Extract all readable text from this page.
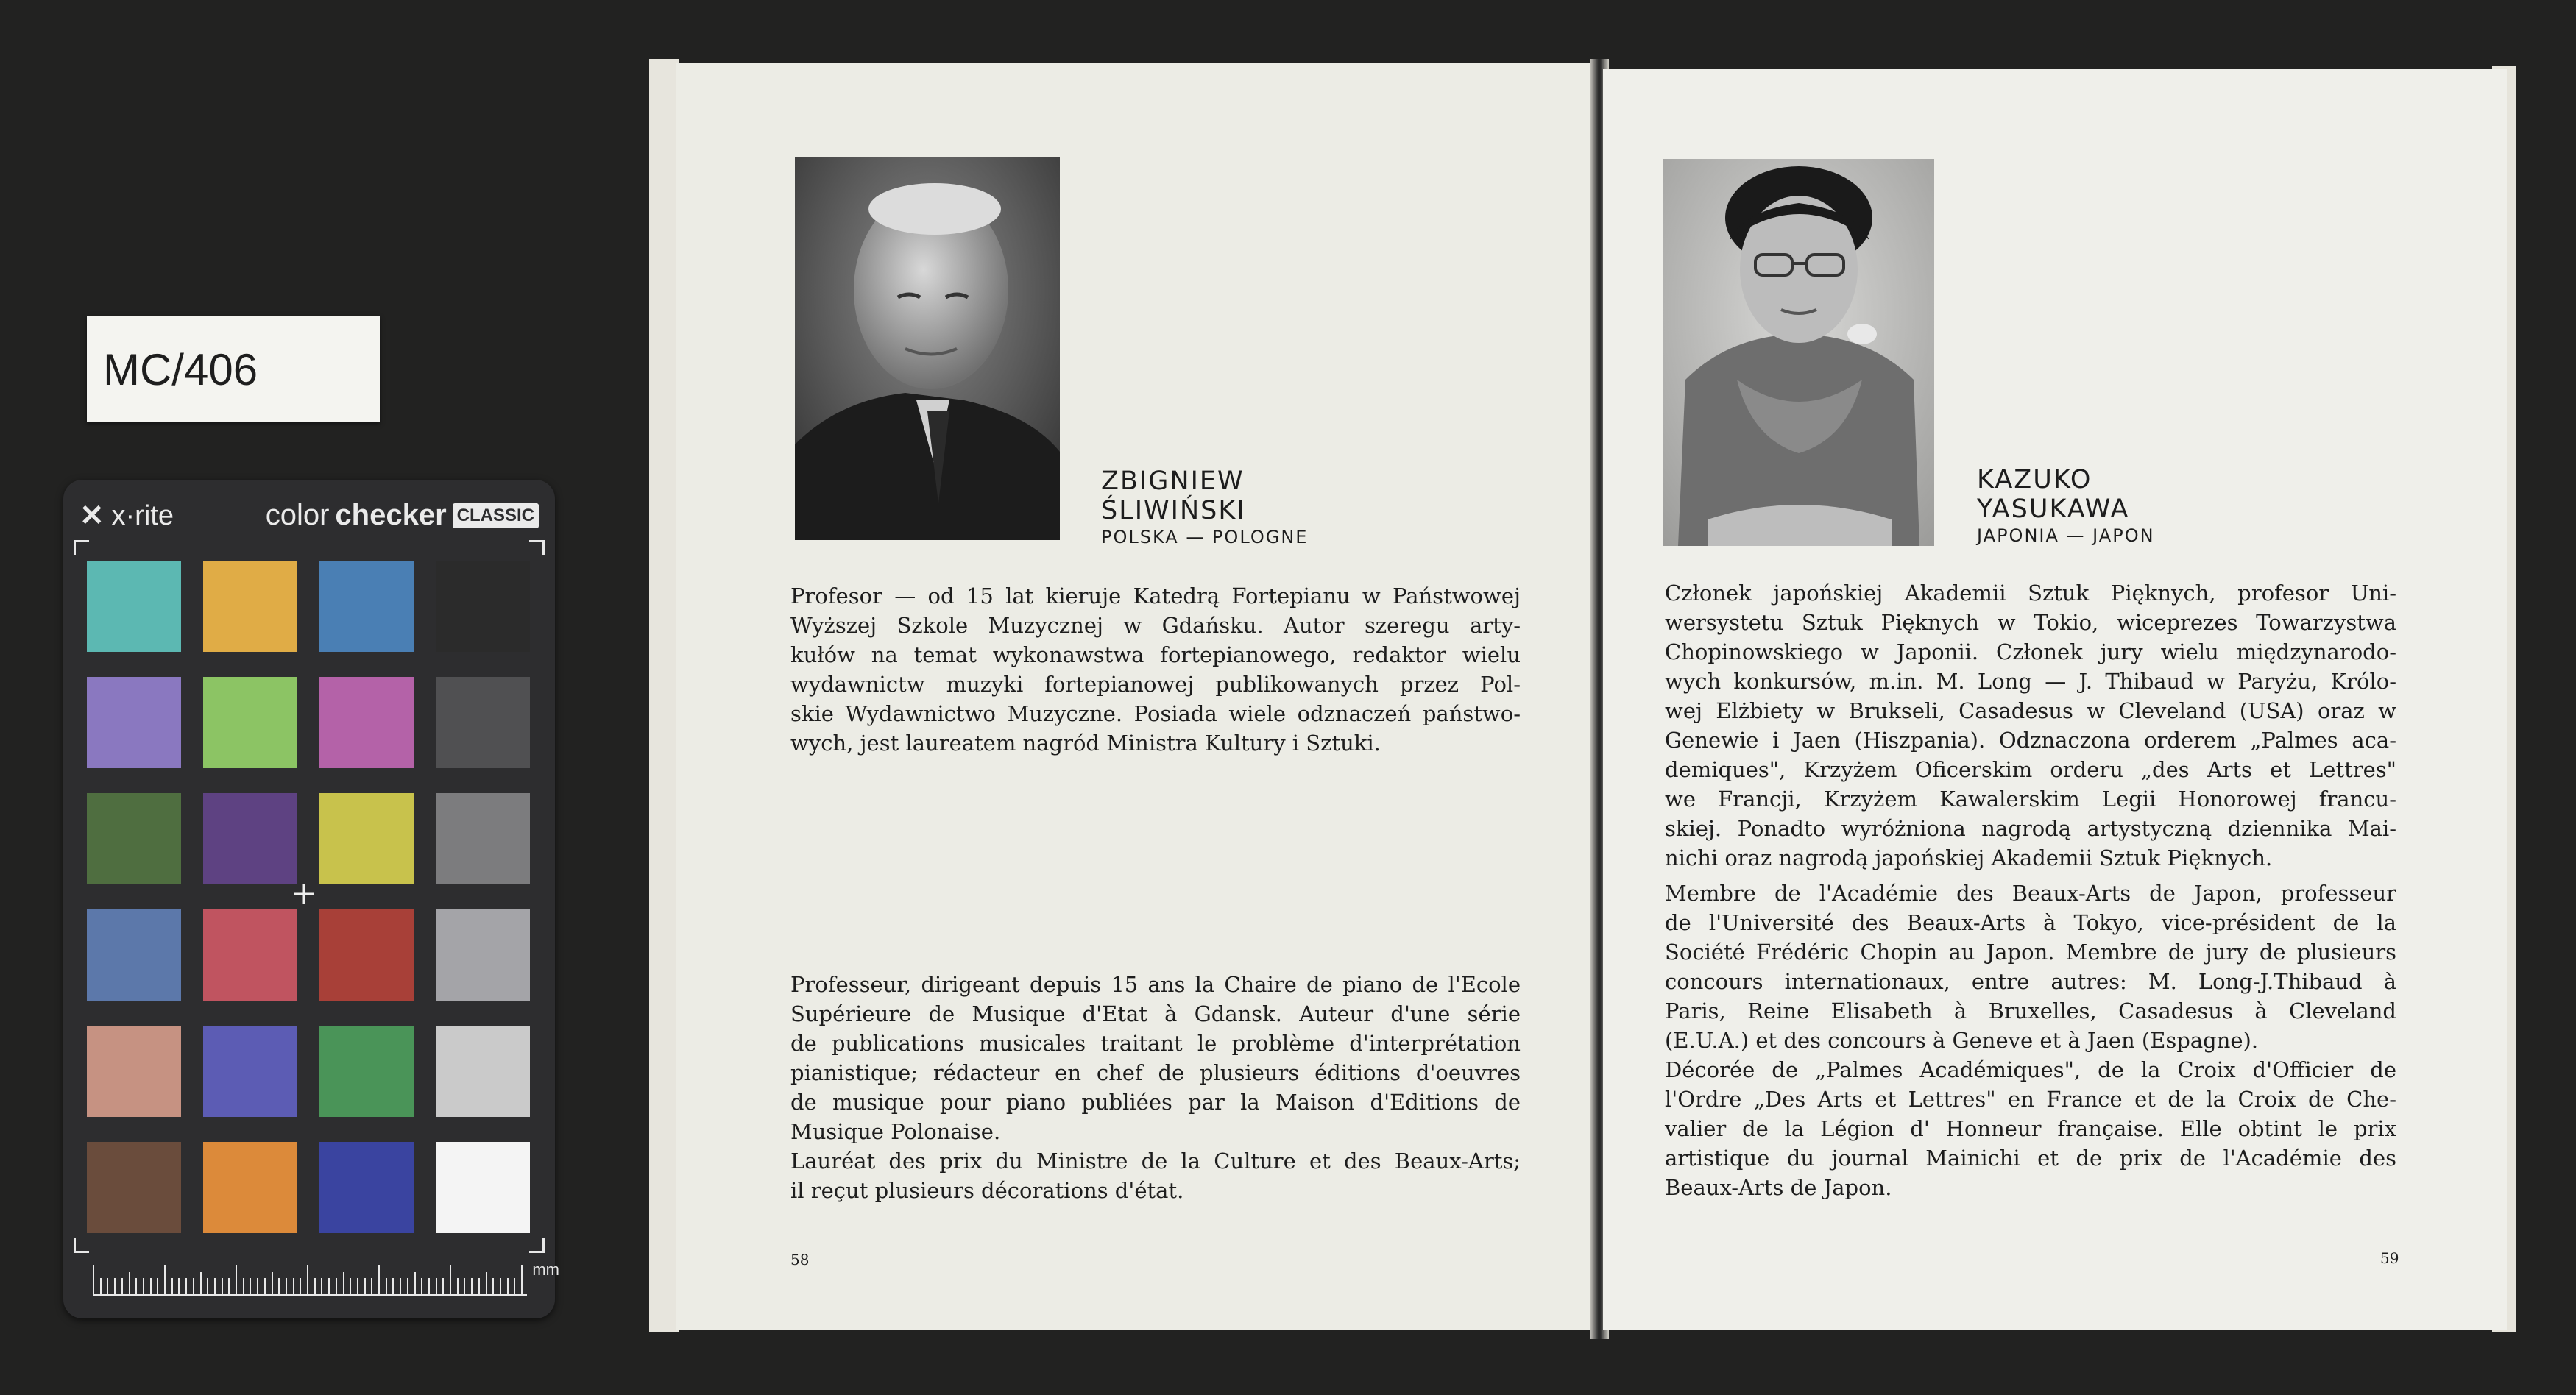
MC/406
✕ x·rite	color checker CLASSIC
mm
ZBIGNIEW
ŚLIWIŃSKI
POLSKA — POLOGNE
Profesor — od 15 lat kieruje Katedrą Fortepianu w Państwowej
Wyższej Szkole Muzycznej w Gdańsku. Autor szeregu arty-
kułów na temat wykonawstwa fortepianowego, redaktor wielu
wydawnictw muzyki fortepianowej publikowanych przez Pol-
skie Wydawnictwo Muzyczne. Posiada wiele odznaczeń państwo-
wych, jest laureatem nagród Ministra Kultury i Sztuki.
Professeur, dirigeant depuis 15 ans la Chaire de piano de l'Ecole
Supérieure de Musique d'Etat à Gdansk. Auteur d'une série
de publications musicales traitant le problème d'interprétation
pianistique; rédacteur en chef de plusieurs éditions d'oeuvres
de musique pour piano publiées par la Maison d'Editions de
Musique Polonaise.
Lauréat des prix du Ministre de la Culture et des Beaux-Arts;
il reçut plusieurs décorations d'état.
58
KAZUKO
YASUKAWA
JAPONIA — JAPON
Członek japońskiej Akademii Sztuk Pięknych, profesor Uni-
wersystetu Sztuk Pięknych w Tokio, wiceprezes Towarzystwa
Chopinowskiego w Japonii. Członek jury wielu międzynarodo-
wych konkursów, m.in. M. Long — J. Thibaud w Paryżu, Królo-
wej Elżbiety w Brukseli, Casadesus w Cleveland (USA) oraz w
Genewie i Jaen (Hiszpania). Odznaczona orderem „Palmes aca-
demiques", Krzyżem Oficerskim orderu „des Arts et Lettres"
we Francji, Krzyżem Kawalerskim Legii Honorowej francu-
skiej. Ponadto wyróżniona nagrodą artystyczną dziennika Mai-
nichi oraz nagrodą japońskiej Akademii Sztuk Pięknych.
Membre de l'Académie des Beaux-Arts de Japon, professeur
de l'Université des Beaux-Arts à Tokyo, vice-président de la
Société Frédéric Chopin au Japon. Membre de jury de plusieurs
concours internationaux, entre autres: M. Long-J.Thibaud à
Paris, Reine Elisabeth à Bruxelles, Casadesus à Cleveland
(E.U.A.) et des concours à Geneve et à Jaen (Espagne).
Décorée de „Palmes Académiques", de la Croix d'Officier de
l'Ordre „Des Arts et Lettres" en France et de la Croix de Che-
valier de la Légion d' Honneur française. Elle obtint le prix
artistique du journal Mainichi et de prix de l'Académie des
Beaux-Arts de Japon.
59
